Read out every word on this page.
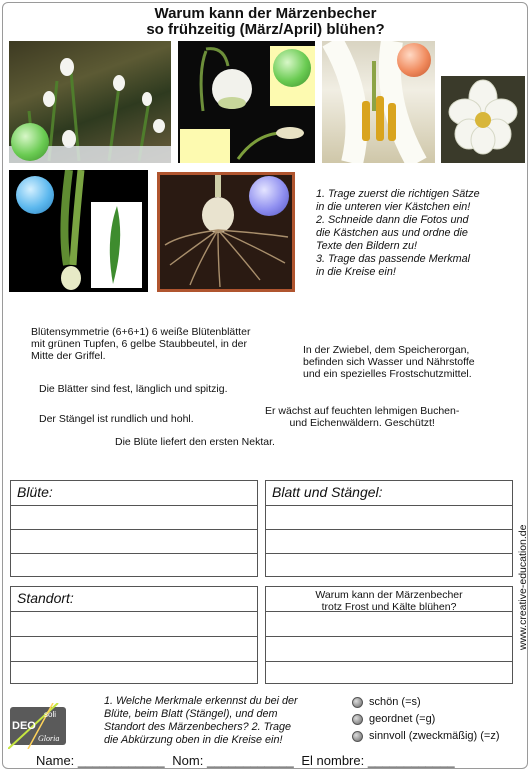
Warum kann der Märzenbecher
so frühzeitig (März/April) blühen?
1. Trage zuerst die richtigen Sätze
in die unteren vier Kästchen ein!
2. Schneide dann die Fotos und
die Kästchen aus und ordne die
Texte den Bildern zu!
3. Trage das passende Merkmal
in die Kreise ein!
Blütensymmetrie (6+6+1) 6 weiße Blütenblätter
mit grünen Tupfen, 6 gelbe Staubbeutel, in der
Mitte der Griffel.	In der Zwiebel, dem Speicherorgan,
befinden sich Wasser und Nährstoffe
und ein spezielles Frostschutzmittel.
Die Blätter sind fest, länglich und spitzig.
Er wächst auf feuchten lehmigen Buchen-
und Eichenwäldern. Geschützt!
Der Stängel ist rundlich und hohl.
Die Blüte liefert den ersten Nektar.
Blüte:	Blatt und Stängel:
Standort:	Warum kann der Märzenbecher
trotz Frost und Kälte blühen?	www.creative-education.de
DEO
soli
Gloria
1. Welche Merkmale erkennst du bei der
Blüte, beim Blatt (Stängel), und dem
Standort des Märzenbechers? 2. Trage
die Abkürzung oben in die Kreise ein!
schön (=s)
geordnet (=g)
sinnvoll (zweckmäßig) (=z)
Name: ____________ Nom: ____________ El nombre: ____________
